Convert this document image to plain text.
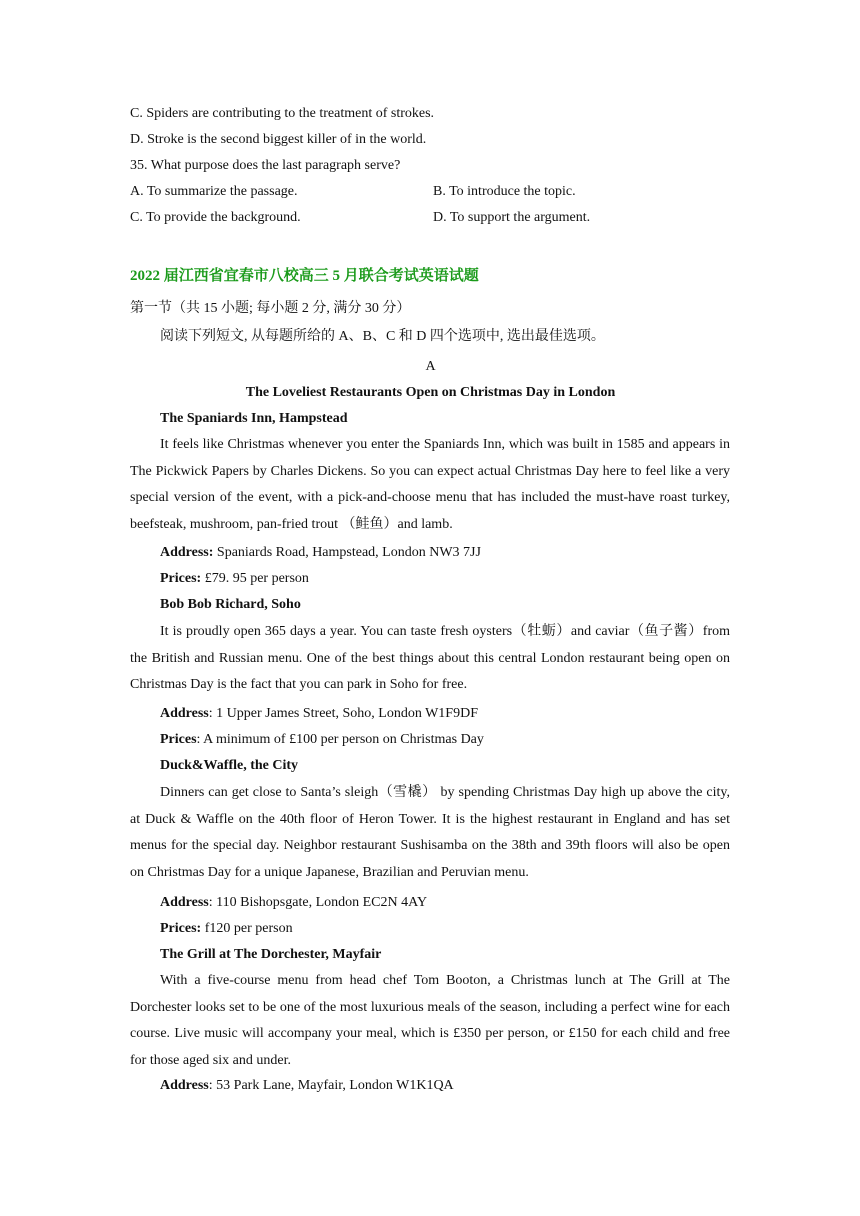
C. Spiders are contributing to the treatment of strokes.
D. Stroke is the second biggest killer of in the world.
35. What purpose does the last paragraph serve?
A. To summarize the passage.	B. To introduce the topic.
C. To provide the background.	D. To support the argument.
2022 届江西省宜春市八校高三 5 月联合考试英语试题
第一节（共 15 小题; 每小题 2 分, 满分 30 分）
阅读下列短文, 从每题所给的 A、B、C 和 D 四个选项中, 选出最佳选项。
A
The Loveliest Restaurants Open on Christmas Day in London
The Spaniards Inn, Hampstead

It feels like Christmas whenever you enter the Spaniards Inn, which was built in 1585 and appears in The Pickwick Papers by Charles Dickens. So you can expect actual Christmas Day here to feel like a very special version of the event, with a pick-and-choose menu that has included the must-have roast turkey, beefsteak, mushroom, pan-fried trout （鲑鱼）and lamb.

Address: Spaniards Road, Hampstead, London NW3 7JJ
Prices: £79. 95 per person
Bob Bob Richard, Soho

It is proudly open 365 days a year. You can taste fresh oysters（牡蛎）and caviar（鱼子酱）from the British and Russian menu. One of the best things about this central London restaurant being open on Christmas Day is the fact that you can park in Soho for free.

Address: 1 Upper James Street, Soho, London W1F9DF
Prices: A minimum of £100 per person on Christmas Day
Duck&Waffle, the City

Dinners can get close to Santa’s sleigh（雪橇） by spending Christmas Day high up above the city, at Duck & Waffle on the 40th floor of Heron Tower. It is the highest restaurant in England and has set menus for the special day. Neighbor restaurant Sushisamba on the 38th and 39th floors will also be open on Christmas Day for a unique Japanese, Brazilian and Peruvian menu.

Address: 110 Bishopsgate, London EC2N 4AY
Prices: f120 per person
The Grill at The Dorchester, Mayfair

With a five-course menu from head chef Tom Booton, a Christmas lunch at The Grill at The Dorchester looks set to be one of the most luxurious meals of the season, including a perfect wine for each course. Live music will accompany your meal, which is £350 per person, or £150 for each child and free for those aged six and under.

Address: 53 Park Lane, Mayfair, London W1K1QA
